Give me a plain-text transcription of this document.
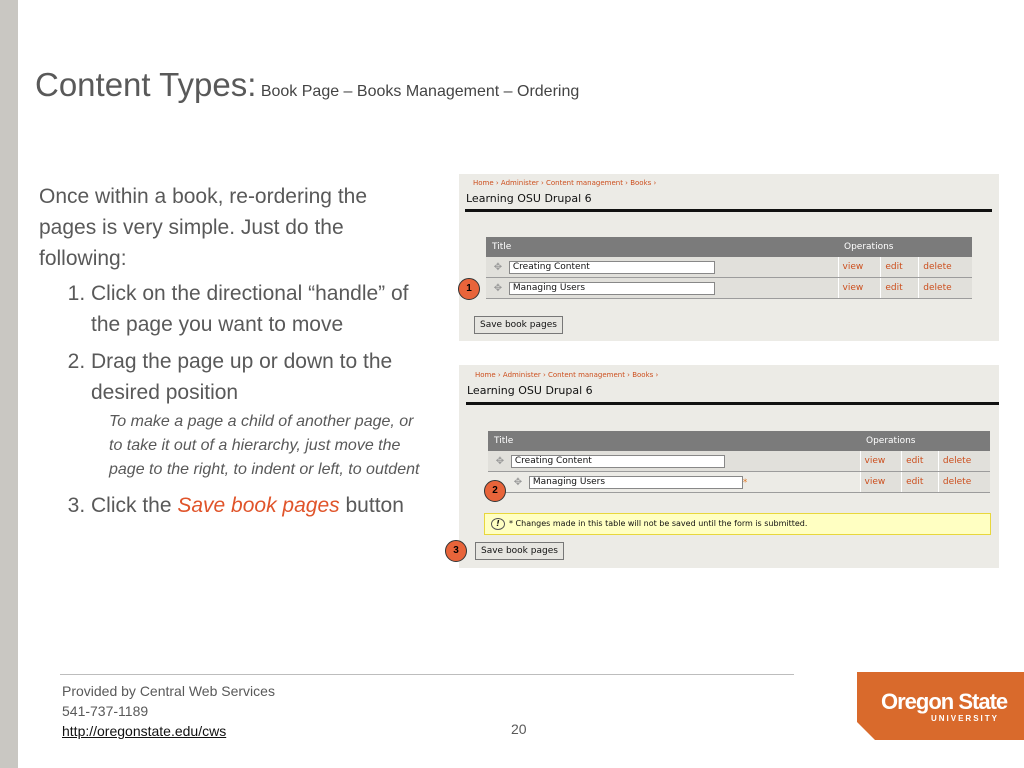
Content Types: Book Page – Books Management – Ordering
Once within a book, re-ordering the pages is very simple. Just do the following:
1. Click on the directional “handle” of the page you want to move
2. Drag the page up or down to the desired position
To make a page a child of another page, or to take it out of a hierarchy, just move the page to the right, to indent or left, to outdent
3. Click the Save book pages button
Home › Administer › Content management › Books ›
Learning OSU Drupal 6
Title	Operations		
✥ Creating Content	view	edit	delete
✥ Managing Users	view	edit	delete
Save book pages
1
Home › Administer › Content management › Books ›
Learning OSU Drupal 6
Title	Operations		
✥ Creating Content	view	edit	delete
✥ Managing Users *	view	edit	delete
! * Changes made in this table will not be saved until the form is submitted.
Save book pages
2
3
Provided by Central Web Services
541-737-1189
http://oregonstate.edu/cws	20
Oregon State
UNIVERSITY
